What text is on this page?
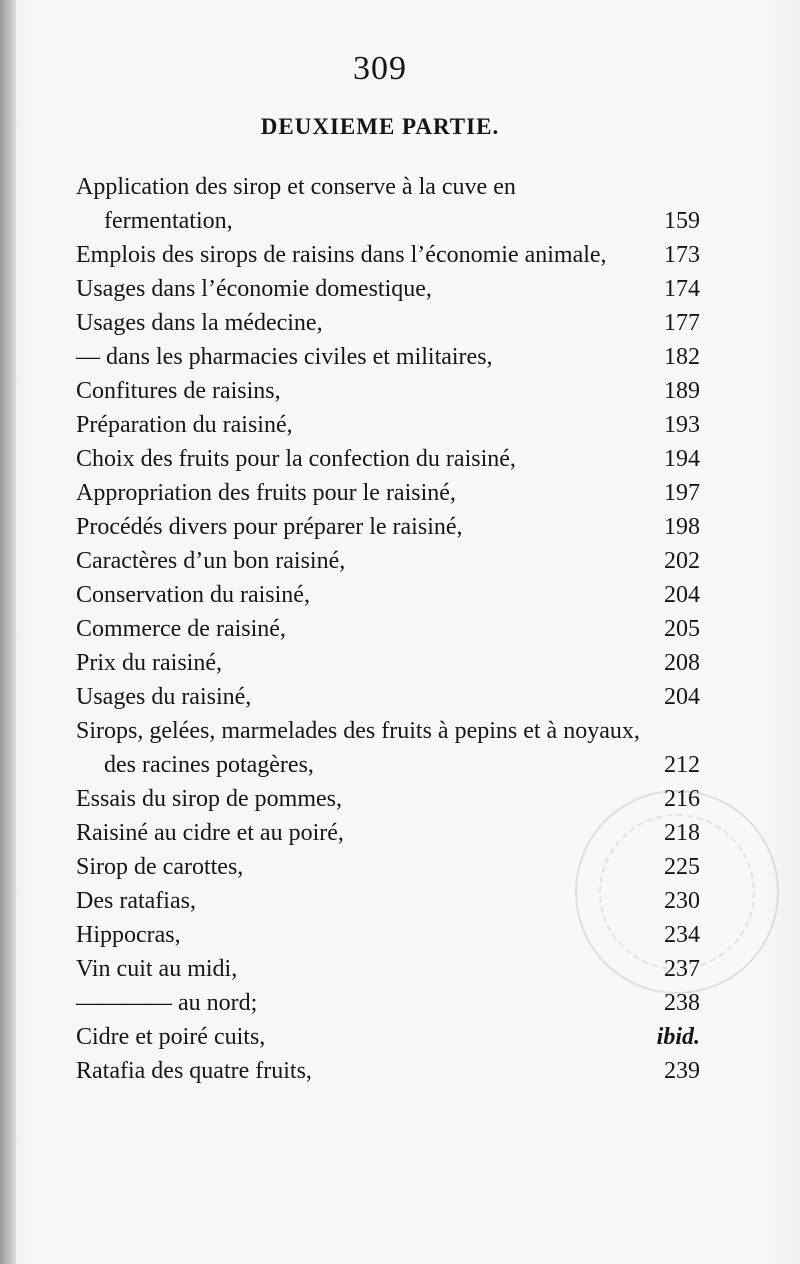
309
DEUXIEME PARTIE.
Application des sirop et conserve à la cuve en fermentation,	159
Emplois des sirops de raisins dans l’économie animale,	173
Usages dans l’économie domestique,	174
Usages dans la médecine,	177
— dans les pharmacies civiles et militaires,	182
Confitures de raisins,	189
Préparation du raisiné,	193
Choix des fruits pour la confection du raisiné,	194
Appropriation des fruits pour le raisiné,	197
Procédés divers pour préparer le raisiné,	198
Caractères d’un bon raisiné,	202
Conservation du raisiné,	204
Commerce de raisiné,	205
Prix du raisiné,	208
Usages du raisiné,	204
Sirops, gelées, marmelades des fruits à pepins et à noyaux, des racines potagères,	212
Essais du sirop de pommes,	216
Raisiné au cidre et au poiré,	218
Sirop de carottes,	225
Des ratafias,	230
Hippocras,	234
Vin cuit au midi,	237
———— au nord;	238
Cidre et poiré cuits,	ibid.
Ratafia des quatre fruits,	239
